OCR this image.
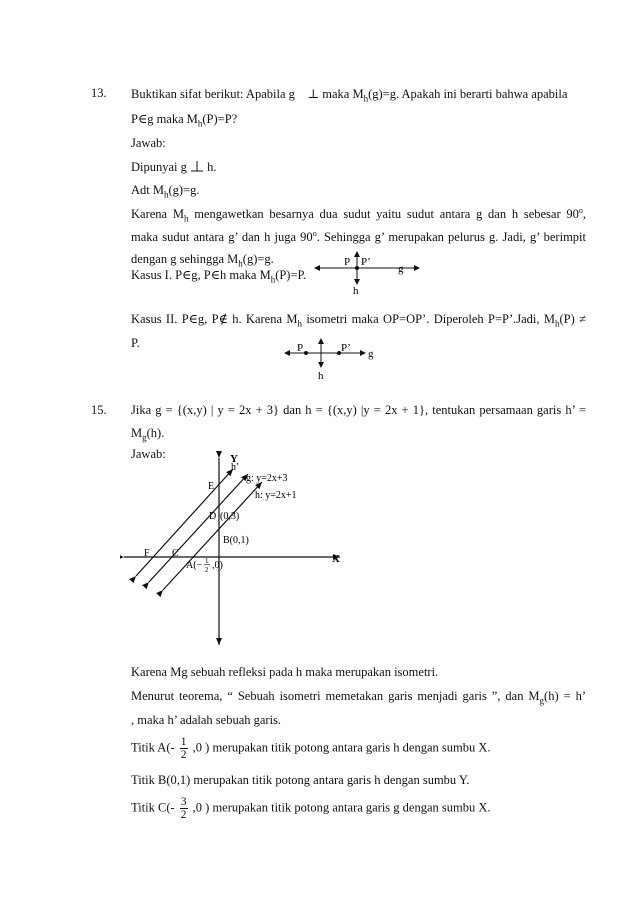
13. Buktikan sifat berikut: Apabila g ⊥ maka $M_h(g)=g$. Apakah ini berarti bahwa apabila
P∈g maka $M_h(P)=P$?
Jawab:
Dipunyai g h.
Adt $M_h(g)=g$.
Karena $M_h$ mengawetkan besarnya dua sudut yaitu sudut antara g dan h sebesar 90$^o$,
maka sudut antara g’ dan h juga 90$^o$. Sehingga g’ merupakan pelurus g. Jadi, g’ berimpit
dengan g sehingga $M_h(g)=g$.
Kasus I. P∈g, P∈h maka $M_h(P)=P$.
P P’
g
h
Kasus II. P∈g, P∉ h. Karena $M_h$ isometri maka OP=OP’. Diperoleh P=P’.Jadi, $M_h(P)$ ≠
P.	P	P’ g
h
15. Jika g = {(x,y) | y = 2x + 3} dan h = {(x,y) |y = 2x + 1}, tentukan persamaan garis h’ =
$M_g(h)$.
Jawab:	Y
X
h’
g: y=2x+3
h: y=2x+1
E
D (0,3)
B(0,1)
F C
A(− 1
2 ,0)
Karena Mg sebuah refleksi pada h maka merupakan isometri.
Menurut teorema, “ Sebuah isometri memetakan garis menjadi garis ”, dan $M_g(h) = h$’
, maka h’ adalah sebuah garis.
Titik $A(- \frac{1}{2} ,0$ ) merupakan titik potong antara garis h dengan sumbu X.
Titik B(0,1) merupakan titik potong antara garis h dengan sumbu Y.
Titik $C(- \frac{3}{2} ,0$ ) merupakan titik potong antara garis g dengan sumbu X.
